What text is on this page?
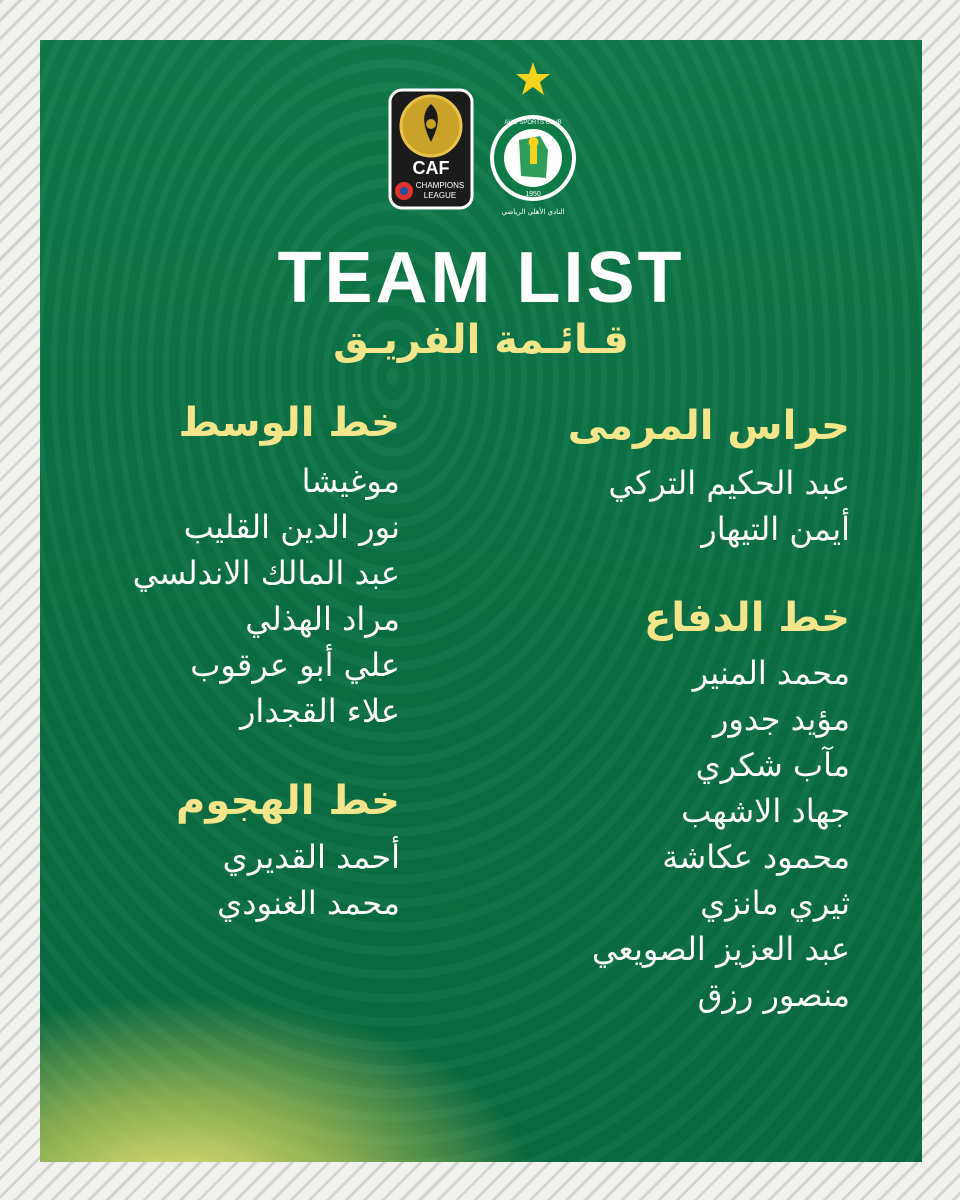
CAF
CHAMPIONS
LEAGUE
AHLI SPORTS CLUB
1950
النادي الأهلي الرياضي
TEAM LIST
قـائـمة الفريـق
حراس المرمى
عبد الحكيم التركي
أيمن التيهار
خط الدفاع
محمد المنير
مؤيد جدور
مآب شكري
جهاد الاشهب
محمود عكاشة
ثيري مانزي
عبد العزيز الصويعي
منصور رزق
خط الوسط
موغيشا
نور الدين القليب
عبد المالك الاندلسي
مراد الهذلي
علي أبو عرقوب
علاء القجدار
خط الهجوم
أحمد القديري
محمد الغنودي
